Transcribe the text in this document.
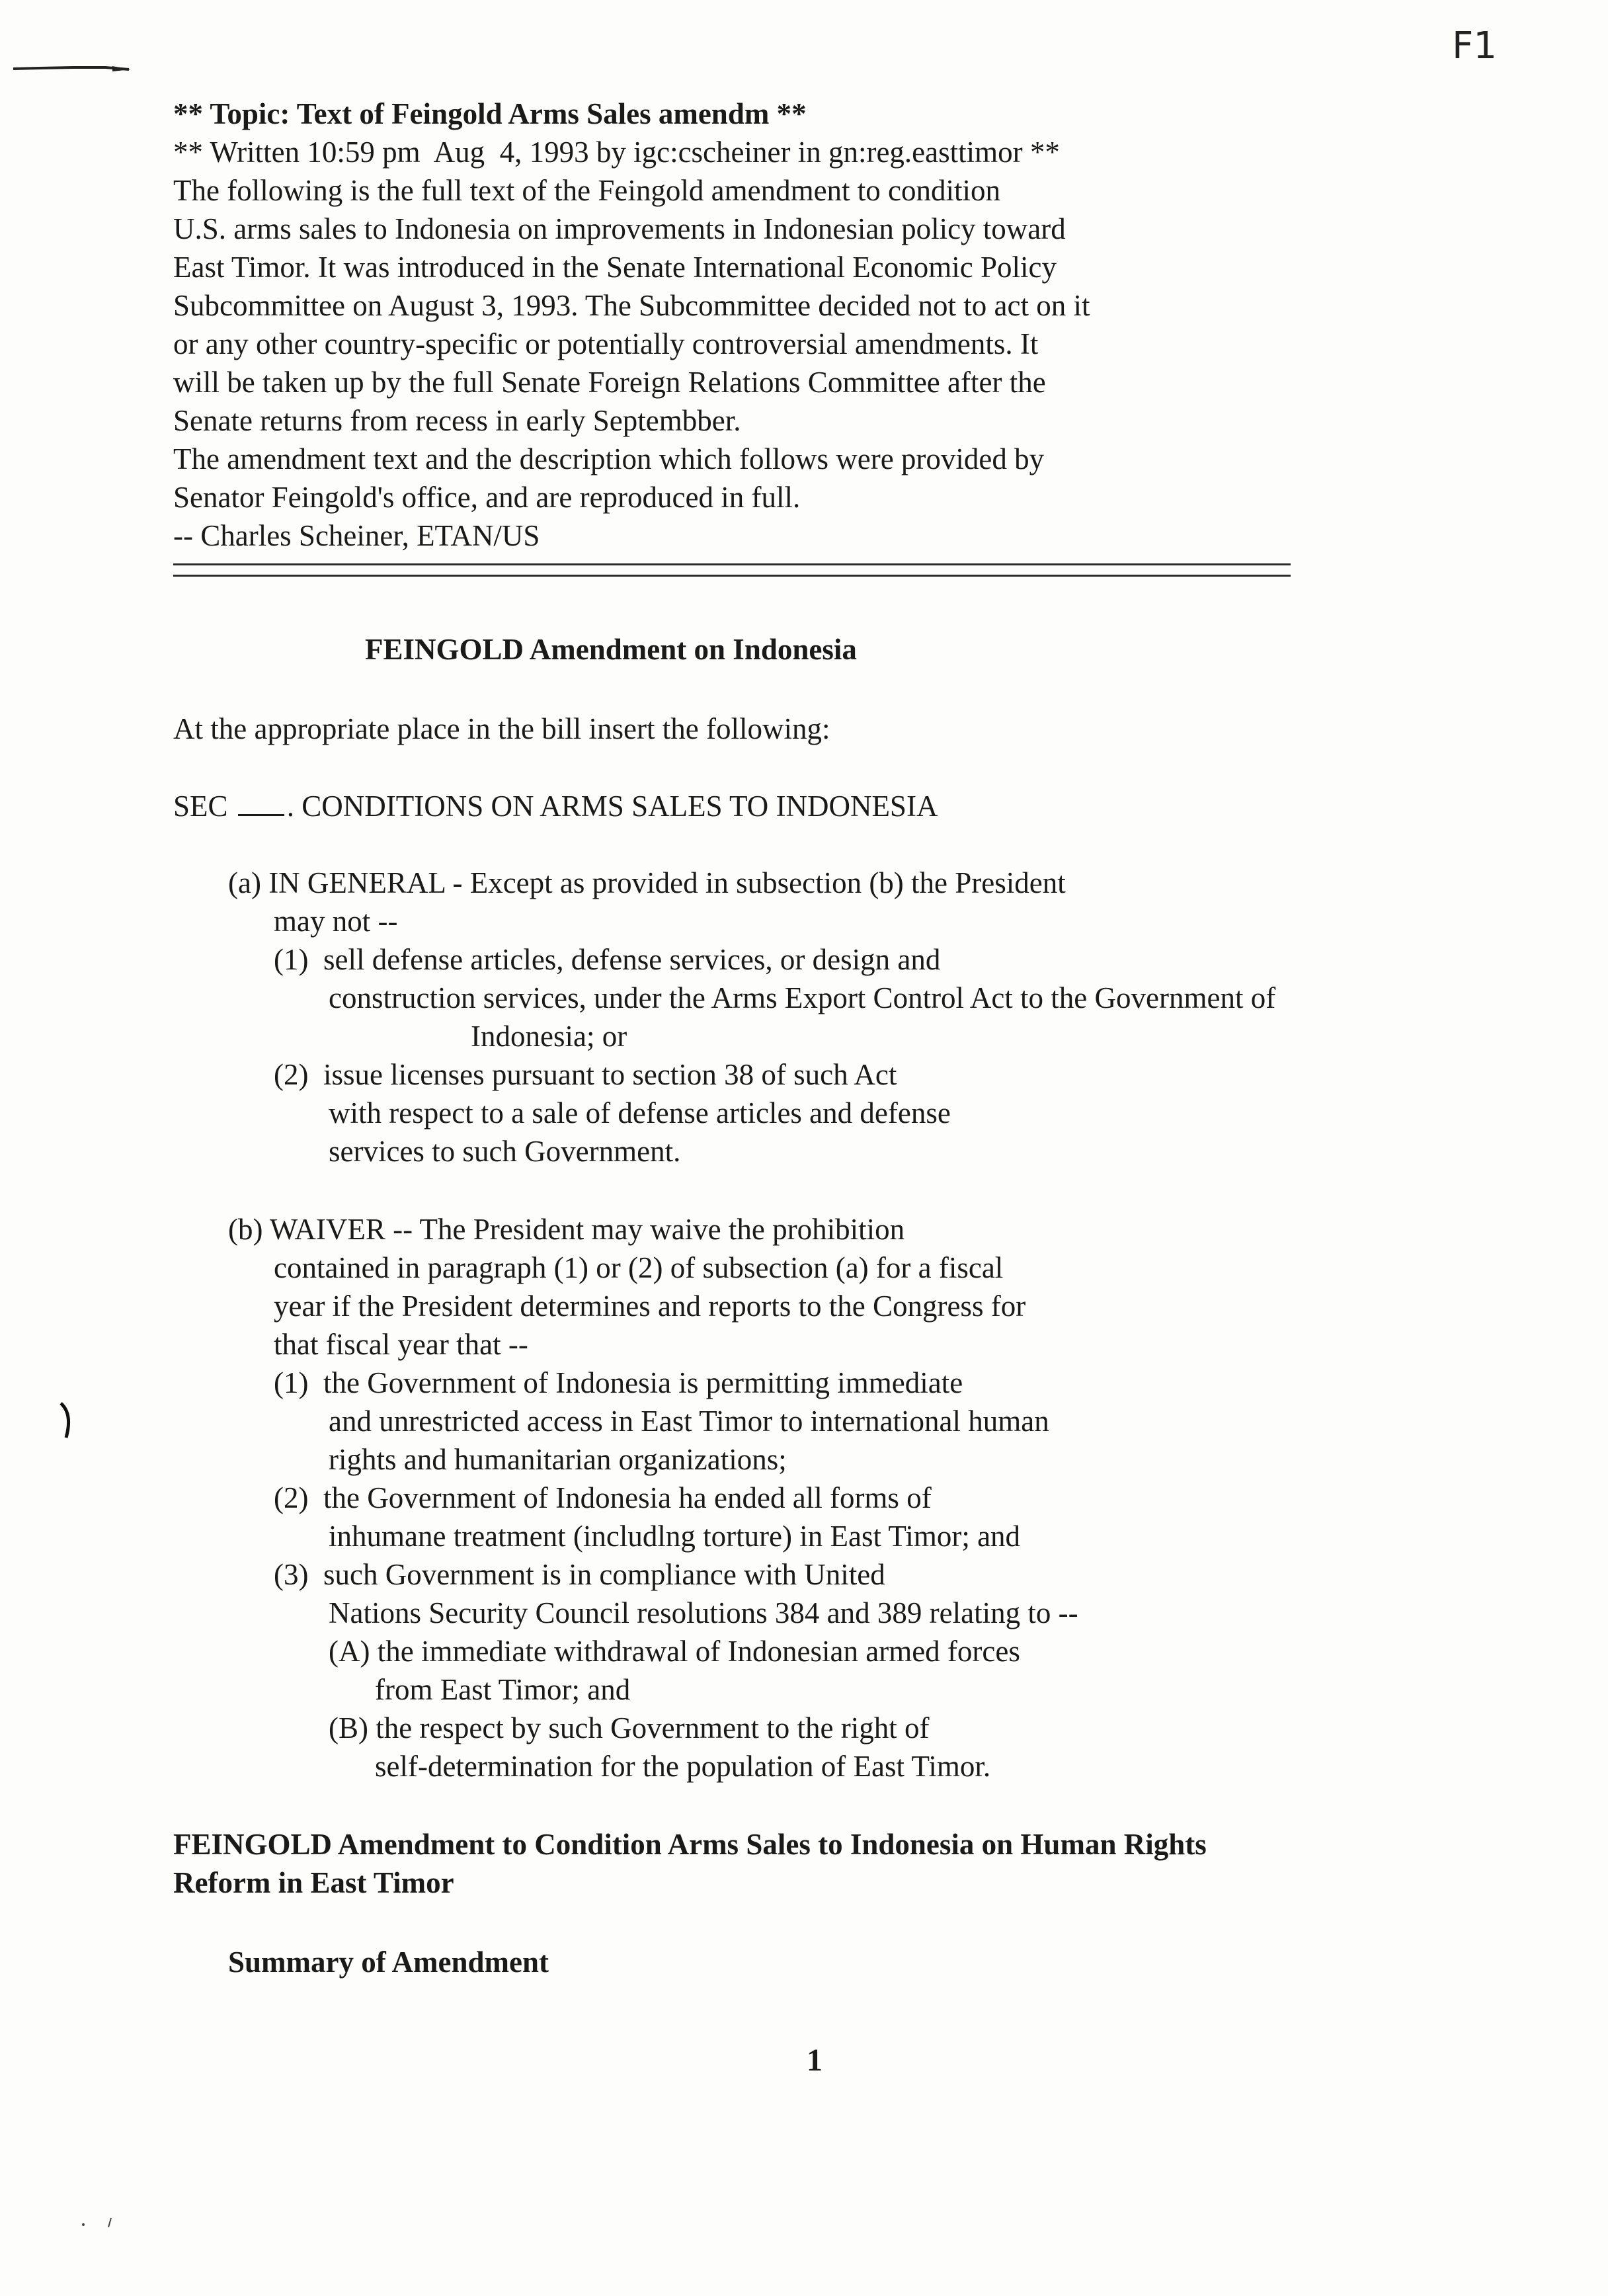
F1
** Topic: Text of Feingold Arms Sales amendm **
** Written 10:59 pm  Aug  4, 1993 by igc:cscheiner in gn:reg.easttimor **
The following is the full text of the Feingold amendment to condition
U.S. arms sales to Indonesia on improvements in Indonesian policy toward
East Timor. It was introduced in the Senate International Economic Policy
Subcommittee on August 3, 1993. The Subcommittee decided not to act on it
or any other country-specific or potentially controversial amendments. It
will be taken up by the full Senate Foreign Relations Committee after the
Senate returns from recess in early Septembber.
The amendment text and the description which follows were provided by
Senator Feingold's office, and are reproduced in full.
-- Charles Scheiner, ETAN/US
FEINGOLD Amendment on Indonesia
At the appropriate place in the bill insert the following:
SEC . CONDITIONS ON ARMS SALES TO INDONESIA
(a) IN GENERAL - Except as provided in subsection (b) the President
may not --
(1)  sell defense articles, defense services, or design and
construction services, under the Arms Export Control Act to the Government of
Indonesia; or
(2)  issue licenses pursuant to section 38 of such Act
with respect to a sale of defense articles and defense
services to such Government.
(b) WAIVER -- The President may waive the prohibition
contained in paragraph (1) or (2) of subsection (a) for a fiscal
year if the President determines and reports to the Congress for
that fiscal year that --
(1)  the Government of Indonesia is permitting immediate
and unrestricted access in East Timor to international human
rights and humanitarian organizations;
(2)  the Government of Indonesia ha ended all forms of
inhumane treatment (includlng torture) in East Timor; and
(3)  such Government is in compliance with United
Nations Security Council resolutions 384 and 389 relating to --
(A) the immediate withdrawal of Indonesian armed forces
from East Timor; and
(B) the respect by such Government to the right of
self-determination for the population of East Timor.
FEINGOLD Amendment to Condition Arms Sales to Indonesia on Human Rights
Reform in East Timor
Summary of Amendment
1
